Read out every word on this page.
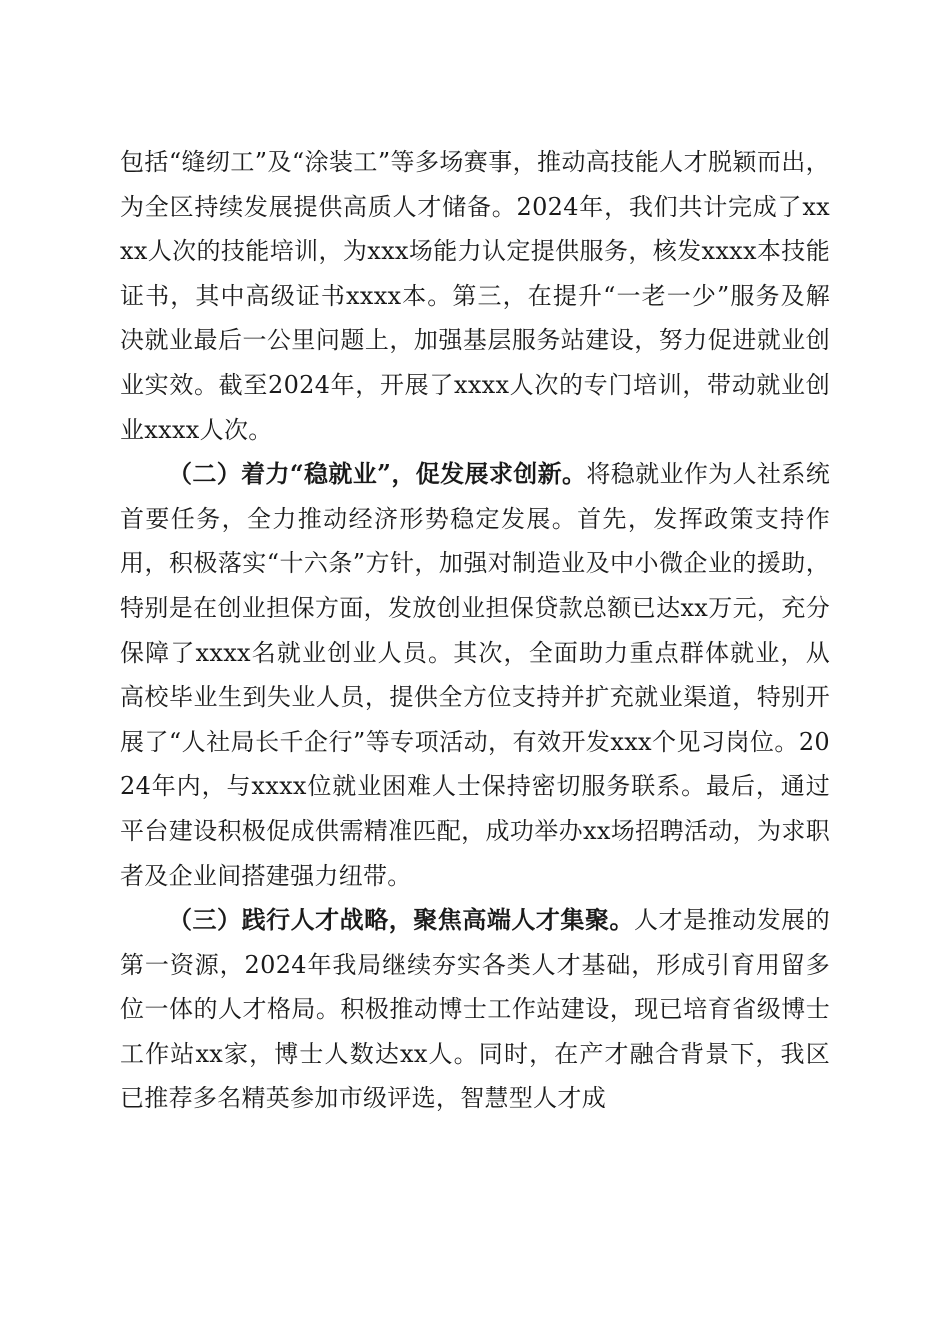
包括“缝纫工”及“涂装工”等多场赛事，推动高技能人才脱颖而出，为全区持续发展提供高质人才储备。2024年，我们共计完成了xxxx人次的技能培训，为xxx场能力认定提供服务，核发xxxx本技能证书，其中高级证书xxxx本。第三，在提升“一老一少”服务及解决就业最后一公里问题上，加强基层服务站建设，努力促进就业创业实效。截至2024年，开展了xxxx人次的专门培训，带动就业创业xxxx人次。

（二）着力“稳就业”，促发展求创新。将稳就业作为人社系统首要任务，全力推动经济形势稳定发展。首先，发挥政策支持作用，积极落实“十六条”方针，加强对制造业及中小微企业的援助，特别是在创业担保方面，发放创业担保贷款总额已达xx万元，充分保障了xxxx名就业创业人员。其次，全面助力重点群体就业，从高校毕业生到失业人员，提供全方位支持并扩充就业渠道，特别开展了“人社局长千企行”等专项活动，有效开发xxx个见习岗位。2024年内，与xxxx位就业困难人士保持密切服务联系。最后，通过平台建设积极促成供需精准匹配，成功举办xx场招聘活动，为求职者及企业间搭建强力纽带。

（三）践行人才战略，聚焦高端人才集聚。人才是推动发展的第一资源，2024年我局继续夯实各类人才基础，形成引育用留多位一体的人才格局。积极推动博士工作站建设，现已培育省级博士工作站xx家，博士人数达xx人。同时，在产才融合背景下，我区已推荐多名精英参加市级评选，智慧型人才成
